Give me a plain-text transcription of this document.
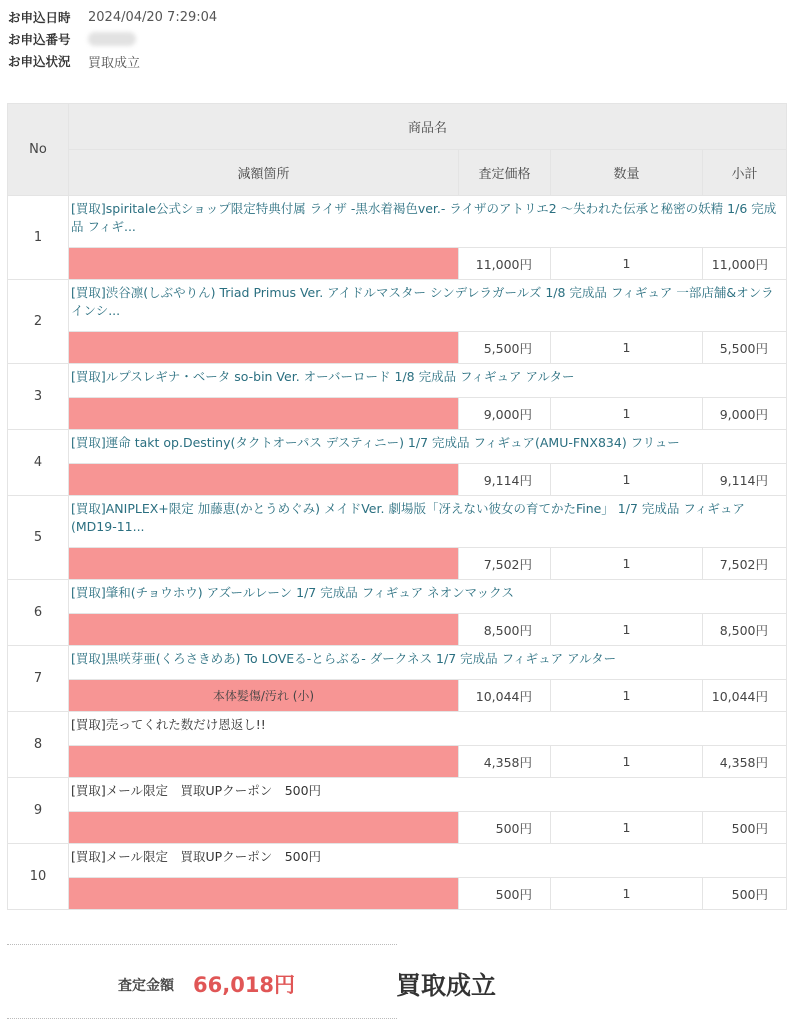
お申込日時	2024/04/20 7:29:04
お申込番号
お申込状況	買取成立
No	商品名			
	減額箇所	査定価格	数量	小計
1	[買取]spiritale公式ショップ限定特典付属 ライザ -黒水着褐色ver.- ライザのアトリエ2 ～失われた伝承と秘密の妖精 1/6 完成品 フィギ...			
		11,000円	1	11,000円
2	[買取]渋谷凛(しぶやりん) Triad Primus Ver. アイドルマスター シンデレラガールズ 1/8 完成品 フィギュア 一部店舗&オンラインシ...			
		5,500円	1	5,500円
3	[買取]ルプスレギナ・ベータ so-bin Ver. オーバーロード 1/8 完成品 フィギュア アルター			
		9,000円	1	9,000円
4	[買取]運命 takt op.Destiny(タクトオーパス デスティニー) 1/7 完成品 フィギュア(AMU-FNX834) フリュー			
		9,114円	1	9,114円
5	[買取]ANIPLEX+限定 加藤恵(かとうめぐみ) メイドVer. 劇場版「冴えない彼女の育てかたFine」 1/7 完成品 フィギュア(MD19-11...			
		7,502円	1	7,502円
6	[買取]肇和(チョウホウ) アズールレーン 1/7 完成品 フィギュア ネオンマックス			
		8,500円	1	8,500円
7	[買取]黒咲芽亜(くろさきめあ) To LOVEる-とらぶる- ダークネス 1/7 完成品 フィギュア アルター			
	本体髪傷/汚れ (小)	10,044円	1	10,044円
8	[買取]売ってくれた数だけ恩返し!!			
		4,358円	1	4,358円
9	[買取]メール限定　買取UPクーポン　500円			
		500円	1	500円
10	[買取]メール限定　買取UPクーポン　500円			
		500円	1	500円
査定金額 66,018円	買取成立
